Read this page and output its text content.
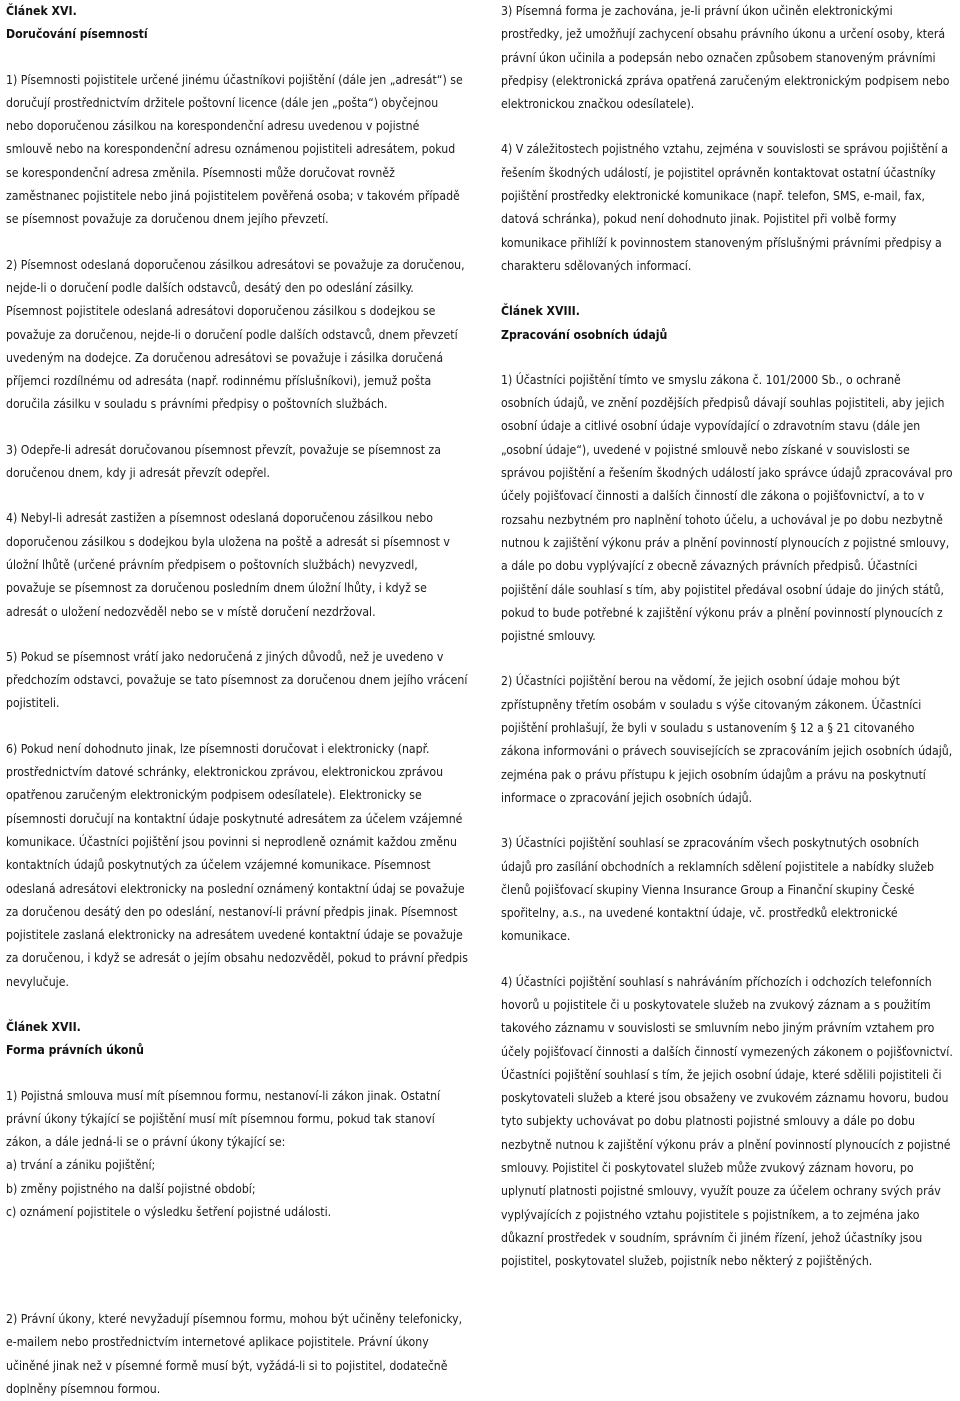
Článek XVI.

Doručování písemností

1) Písemnosti pojistitele určené jinému účastníkovi pojištění (dále jen „adresát“) se doručují prostřednictvím držitele poštovní licence (dále jen „pošta“) obyčejnou nebo doporučenou zásilkou na korespondenční adresu uvedenou v pojistné smlouvě nebo na korespondenční adresu oznámenou pojistiteli adresátem, pokud se korespondenční adresa změnila. Písemnosti může doručovat rovněž zaměstnanec pojistitele nebo jiná pojistitelem pověřená osoba; v takovém případě se písemnost považuje za doručenou dnem jejího převzetí.

2) Písemnost odeslaná doporučenou zásilkou adresátovi se považuje za doručenou, nejde-li o doručení podle dalších odstavců, desátý den po odeslání zásilky. Písemnost pojistitele odeslaná adresátovi doporučenou zásilkou s dodejkou se považuje za doručenou, nejde-li o doručení podle dalších odstavců, dnem převzetí uvedeným na dodejce. Za doručenou adresátovi se považuje i zásilka doručená příjemci rozdílnému od adresáta (např. rodinnému příslušníkovi), jemuž pošta doručila zásilku v souladu s právními předpisy o poštovních službách.

3) Odepře-li adresát doručovanou písemnost převzít, považuje se písemnost za doručenou dnem, kdy ji adresát převzít odepřel.

4) Nebyl-li adresát zastižen a písemnost odeslaná doporučenou zásilkou nebo doporučenou zásilkou s dodejkou byla uložena na poště a adresát si písemnost v úložní lhůtě (určené právním předpisem o poštovních službách) nevyzvedl, považuje se písemnost za doručenou posledním dnem úložní lhůty, i když se adresát o uložení nedozvěděl nebo se v místě doručení nezdržoval.

5) Pokud se písemnost vrátí jako nedoručená z jiných důvodů, než je uvedeno v předchozím odstavci, považuje se tato písemnost za doručenou dnem jejího vrácení pojistiteli.

6) Pokud není dohodnuto jinak, lze písemnosti doručovat i elektronicky (např. prostřednictvím datové schránky, elektronickou zprávou, elektronickou zprávou opatřenou zaručeným elektronickým podpisem odesílatele). Elektronicky se písemnosti doručují na kontaktní údaje poskytnuté adresátem za účelem vzájemné komunikace. Účastníci pojištění jsou povinni si neprodleně oznámit každou změnu kontaktních údajů poskytnutých za účelem vzájemné komunikace. Písemnost odeslaná adresátovi elektronicky na poslední oznámený kontaktní údaj se považuje za doručenou desátý den po odeslání, nestanoví-li právní předpis jinak. Písemnost pojistitele zaslaná elektronicky na adresátem uvedené kontaktní údaje se považuje za doručenou, i když se adresát o jejím obsahu nedozvěděl, pokud to právní předpis nevylučuje.

Článek XVII.

Forma právních úkonů

1) Pojistná smlouva musí mít písemnou formu, nestanoví-li zákon jinak. Ostatní právní úkony týkající se pojištění musí mít písemnou formu, pokud tak stanoví zákon, a dále jedná-li se o právní úkony týkající se:

a) trvání a zániku pojištění;
b) změny pojistného na další pojistné období;
c) oznámení pojistitele o výsledku šetření pojistné události.

2) Právní úkony, které nevyžadují písemnou formu, mohou být učiněny telefonicky, e-mailem nebo prostřednictvím internetové aplikace pojistitele. Právní úkony učiněné jinak než v písemné formě musí být, vyžádá-li si to pojistitel, dodatečně doplněny písemnou formou.

3) Písemná forma je zachována, je-li právní úkon učiněn elektronickými prostředky, jež umožňují zachycení obsahu právního úkonu a určení osoby, která právní úkon učinila a podepsán nebo označen způsobem stanoveným právními předpisy (elektronická zpráva opatřená zaručeným elektronickým podpisem nebo elektronickou značkou odesílatele).

4) V záležitostech pojistného vztahu, zejména v souvislosti se správou pojištění a řešením škodných událostí, je pojistitel oprávněn kontaktovat ostatní účastníky pojištění prostředky elektronické komunikace (např. telefon, SMS, e-mail, fax, datová schránka), pokud není dohodnuto jinak. Pojistitel při volbě formy komunikace přihlíží k povinnostem stanoveným příslušnými právními předpisy a charakteru sdělovaných informací.

Článek XVIII.

Zpracování osobních údajů

1) Účastníci pojištění tímto ve smyslu zákona č. 101/2000 Sb., o ochraně osobních údajů, ve znění pozdějších předpisů dávají souhlas pojistiteli, aby jejich osobní údaje a citlivé osobní údaje vypovídající o zdravotním stavu (dále jen „osobní údaje“), uvedené v pojistné smlouvě nebo získané v souvislosti se správou pojištění a řešením škodných událostí jako správce údajů zpracovával pro účely pojišťovací činnosti a dalších činností dle zákona o pojišťovnictví, a to v rozsahu nezbytném pro naplnění tohoto účelu, a uchovával je po dobu nezbytně nutnou k zajištění výkonu práv a plnění povinností plynoucích z pojistné smlouvy, a dále po dobu vyplývající z obecně závazných právních předpisů. Účastníci pojištění dále souhlasí s tím, aby pojistitel předával osobní údaje do jiných států, pokud to bude potřebné k zajištění výkonu práv a plnění povinností plynoucích z pojistné smlouvy.

2) Účastníci pojištění berou na vědomí, že jejich osobní údaje mohou být zpřístupněny třetím osobám v souladu s výše citovaným zákonem. Účastníci pojištění prohlašují, že byli v souladu s ustanovením § 12 a § 21 citovaného zákona informováni o právech souvisejících se zpracováním jejich osobních údajů, zejména pak o právu přístupu k jejich osobním údajům a právu na poskytnutí informace o zpracování jejich osobních údajů.

3) Účastníci pojištění souhlasí se zpracováním všech poskytnutých osobních údajů pro zasílání obchodních a reklamních sdělení pojistitele a nabídky služeb členů pojišťovací skupiny Vienna Insurance Group a Finanční skupiny České spořitelny, a.s., na uvedené kontaktní údaje, vč. prostředků elektronické komunikace.

4) Účastníci pojištění souhlasí s nahráváním příchozích i odchozích telefonních hovorů u pojistitele či u poskytovatele služeb na zvukový záznam a s použitím takového záznamu v souvislosti se smluvním nebo jiným právním vztahem pro účely pojišťovací činnosti a dalších činností vymezených zákonem o pojišťovnictví. Účastníci pojištění souhlasí s tím, že jejich osobní údaje, které sdělili pojistiteli či poskytovateli služeb a které jsou obsaženy ve zvukovém záznamu hovoru, budou tyto subjekty uchovávat po dobu platnosti pojistné smlouvy a dále po dobu nezbytně nutnou k zajištění výkonu práv a plnění povinností plynoucích z pojistné smlouvy. Pojistitel či poskytovatel služeb může zvukový záznam hovoru, po uplynutí platnosti pojistné smlouvy, využít pouze za účelem ochrany svých práv vyplývajících z pojistného vztahu pojistitele s pojistníkem, a to zejména jako důkazní prostředek v soudním, správním či jiném řízení, jehož účastníky jsou pojistitel, poskytovatel služeb, pojistník nebo některý z pojištěných.
